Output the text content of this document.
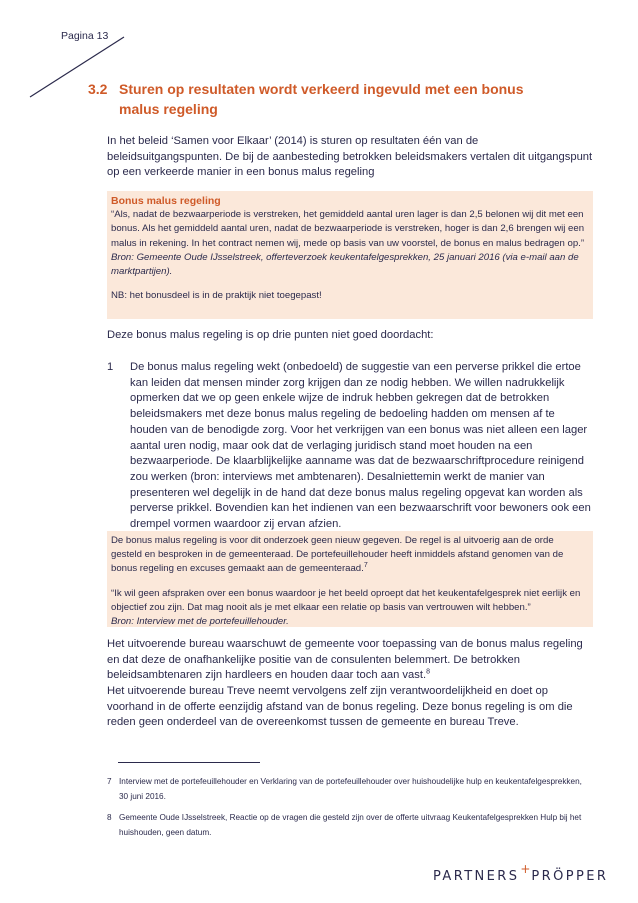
Pagina 13
3.2 Sturen op resultaten wordt verkeerd ingevuld met een bonus malus regeling
In het beleid ‘Samen voor Elkaar’ (2014) is sturen op resultaten één van de beleidsuitgangspunten. De bij de aanbesteding betrokken beleidsmakers vertalen dit uitgangspunt op een verkeerde manier in een bonus malus regeling

Bonus malus regeling

“Als, nadat de bezwaarperiode is verstreken, het gemiddeld aantal uren lager is dan 2,5 belonen wij dit met een bonus. Als het gemiddeld aantal uren, nadat de bezwaarperiode is verstreken, hoger is dan 2,6 brengen wij een malus in rekening. In het contract nemen wij, mede op basis van uw voorstel, de bonus en malus bedragen op.”

Bron: Gemeente Oude IJsselstreek, offerteverzoek keukentafelgesprekken, 25 januari 2016 (via e-mail aan de marktpartijen).

NB: het bonusdeel is in de praktijk niet toegepast!

Deze bonus malus regeling is op drie punten niet goed doordacht:
1 De bonus malus regeling wekt (onbedoeld) de suggestie van een perverse prikkel die ertoe kan leiden dat mensen minder zorg krijgen dan ze nodig hebben. We willen nadrukkelijk opmerken dat we op geen enkele wijze de indruk hebben gekregen dat de betrokken beleidsmakers met deze bonus malus regeling de bedoeling hadden om mensen af te houden van de benodigde zorg. Voor het verkrijgen van een bonus was niet alleen een lager aantal uren nodig, maar ook dat de verlaging juridisch stand moet houden na een bezwaarperiode. De klaarblijkelijke aanname was dat de bezwaarschriftprocedure reinigend zou werken (bron: interviews met ambtenaren). Desalniettemin werkt de manier van presenteren wel degelijk in de hand dat deze bonus malus regeling opgevat kan worden als perverse prikkel. Bovendien kan het indienen van een bezwaarschrift voor bewoners ook een drempel vormen waardoor zij ervan afzien.

De bonus malus regeling is voor dit onderzoek geen nieuw gegeven. De regel is al uitvoerig aan de orde gesteld en besproken in de gemeenteraad. De portefeuillehouder heeft inmiddels afstand genomen van de bonus regeling en excuses gemaakt aan de gemeenteraad.$^7$

“Ik wil geen afspraken over een bonus waardoor je het beeld oproept dat het keukentafelgesprek niet eerlijk en objectief zou zijn. Dat mag nooit als je met elkaar een relatie op basis van vertrouwen wilt hebben.”

Bron: Interview met de portefeuillehouder.

Het uitvoerende bureau waarschuwt de gemeente voor toepassing van de bonus malus regeling en dat deze de onafhankelijke positie van de consulenten belemmert. De betrokken beleidsambtenaren zijn hardleers en houden daar toch aan vast.$^8$
Het uitvoerende bureau Treve neemt vervolgens zelf zijn verantwoordelijkheid en doet op voorhand in de offerte eenzijdig afstand van de bonus regeling. Deze bonus regeling is om die reden geen onderdeel van de overeenkomst tussen de gemeente en bureau Treve.
7 Interview met de portefeuillehouder en Verklaring van de portefeuillehouder over huishoudelijke hulp en keukentafelgesprekken, 30 juni 2016.
8 Gemeente Oude IJsselstreek, Reactie op de vragen die gesteld zijn over de offerte uitvraag Keukentafelgesprekken Hulp bij het huishouden, geen datum.
PARTNERS+PRÖPPER
